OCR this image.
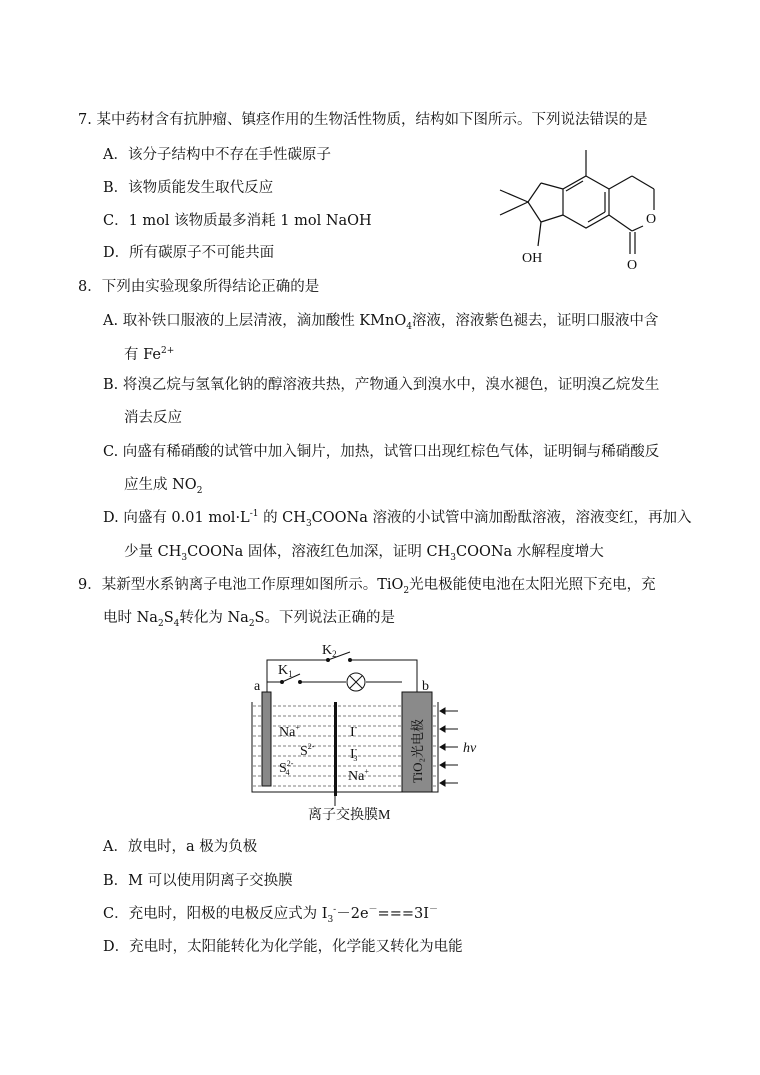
7. 某中药材含有抗肿瘤、镇痉作用的生物活性物质，结构如下图所示。下列说法错误的是
A．该分子结构中不存在手性碳原子
B．该物质能发生取代反应
C．1 mol 该物质最多消耗 1 mol NaOH
D．所有碳原子不可能共面	OH
O
O
8．下列由实验现象所得结论正确的是
A. 取补铁口服液的上层清液，滴加酸性 KMnO$_4$溶液，溶液紫色褪去，证明口服液中含
有 $Fe^{2+}$
B. 将溴乙烷与氢氧化钠的醇溶液共热，产物通入到溴水中，溴水褪色，证明溴乙烷发生
消去反应
C. 向盛有稀硝酸的试管中加入铜片，加热，试管口出现红棕色气体，证明铜与稀硝酸反
应生成 $NO_2$
D. 向盛有 0.01 $mol\cdot L^{-1}$ 的 $CH_3COONa$ 溶液的小试管中滴加酚酞溶液，溶液变红，再加入
少量 $CH_3COONa$ 固体，溶液红色加深，证明 $CH_3COONa$ 水解程度增大
9．某新型水系钠离子电池工作原理如图所示。TiO$_2$光电极能使电池在太阳光照下充电，充
电时 $Na_2S_4$转化为 $Na_2S$。下列说法正确的是
$K_2$
$K_1$
a	b
Na+
$S^{2-}$
$S^{2-}4$
I-
I-3
Na+
hν
离子交换膜M
TiO₂光电极
A．放电时，a 极为负极
B．M 可以使用阴离子交换膜
C．充电时，阳极的电极反应式为 $I_3^--2e^-===3I^-$
D．充电时，太阳能转化为化学能，化学能又转化为电能
